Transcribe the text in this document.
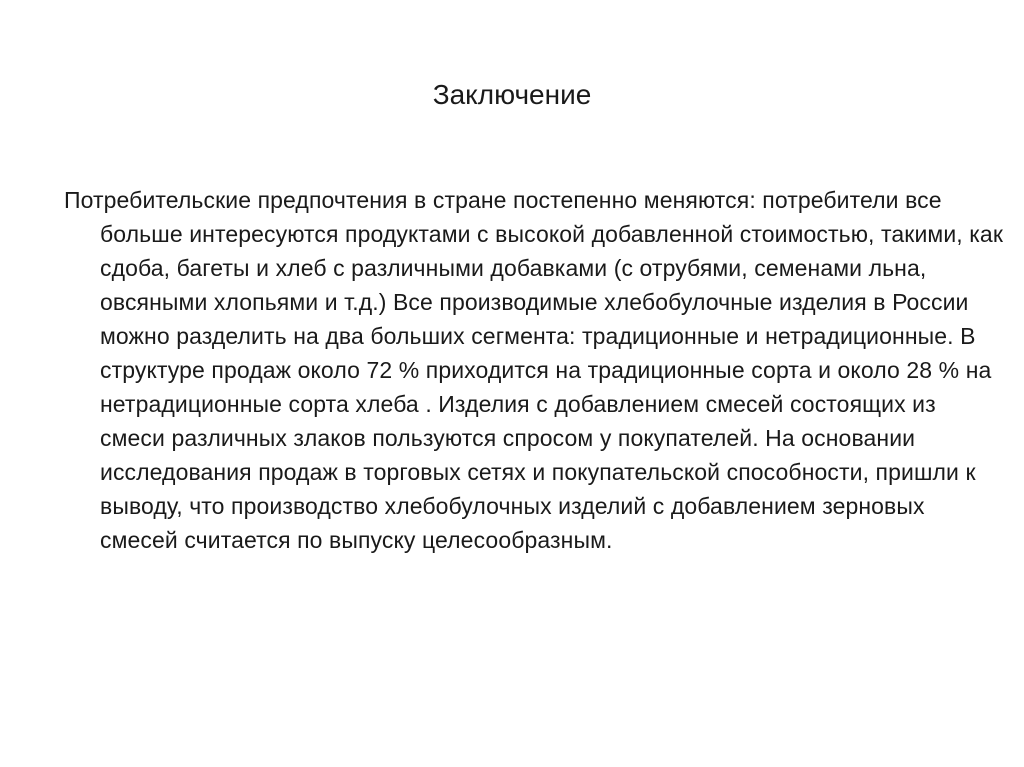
Заключение

Потребительские предпочтения в стране постепенно меняются: потребители все больше интересуются продуктами с высокой добавленной стоимостью, такими, как сдоба, багеты и хлеб с различными добавками (с отрубями, семенами льна, овсяными хлопьями и т.д.) Все производимые хлебобулочные изделия в России можно разделить на два больших сегмента: традиционные и нетрадиционные. В структуре продаж около 72 % приходится на традиционные сорта и около 28 % на нетрадиционные сорта хлеба . Изделия с добавлением смесей состоящих из смеси различных злаков пользуются спросом у покупателей. На основании исследования продаж в торговых сетях и покупательской способности, пришли к выводу, что производство хлебобулочных изделий с добавлением зерновых смесей считается по выпуску целесообразным.
